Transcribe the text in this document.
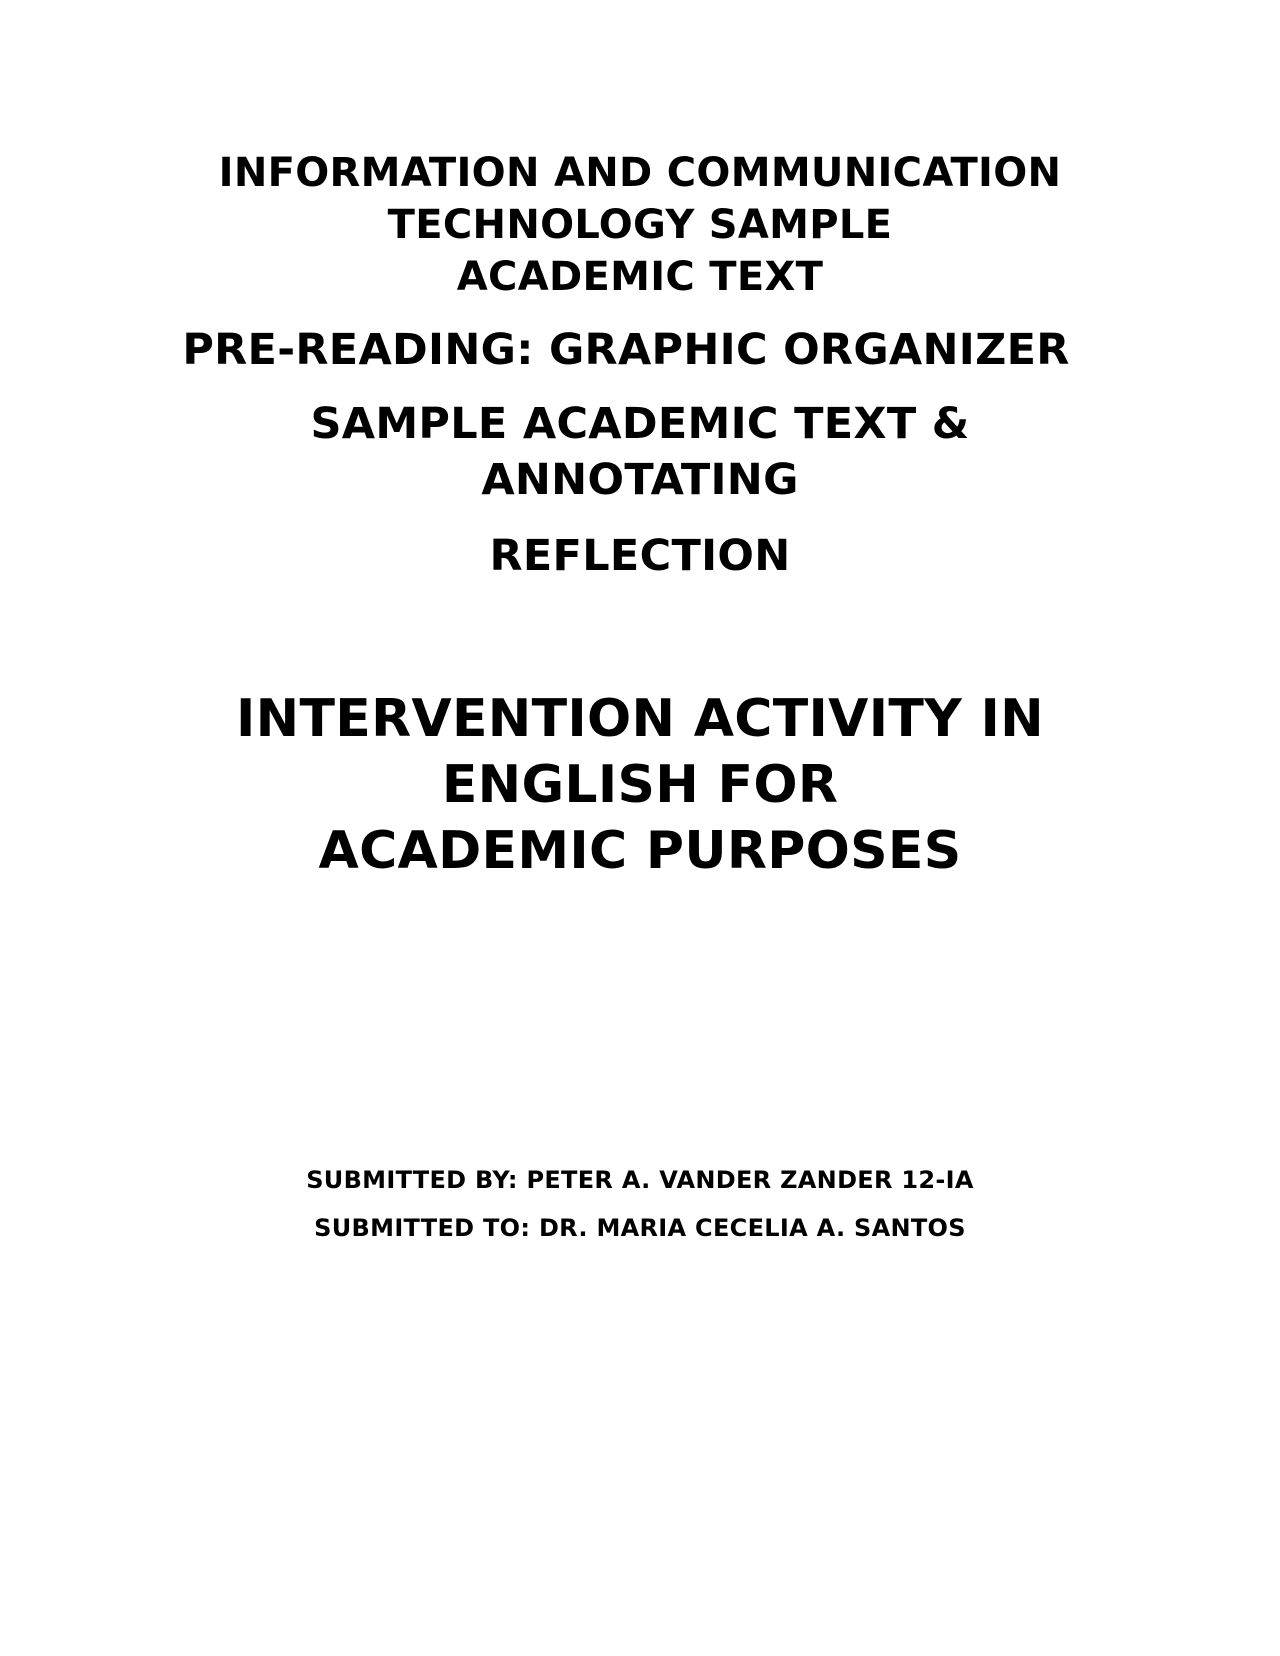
INFORMATION AND COMMUNICATION

TECHNOLOGY SAMPLE

ACADEMIC TEXT

PRE-READING: GRAPHIC ORGANIZER

SAMPLE ACADEMIC TEXT &

ANNOTATING

REFLECTION

INTERVENTION ACTIVITY IN

ENGLISH FOR

ACADEMIC PURPOSES

SUBMITTED BY: PETER A. VANDER ZANDER 12-IA

SUBMITTED TO: DR. MARIA CECELIA A. SANTOS
